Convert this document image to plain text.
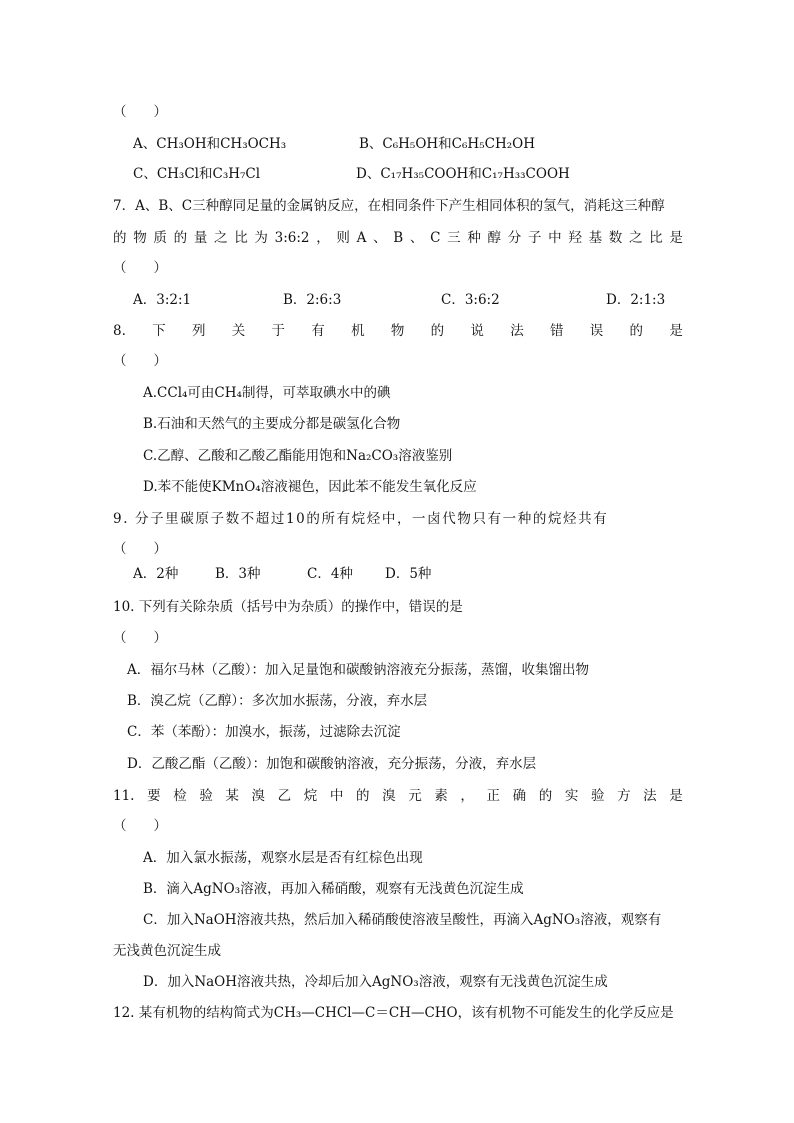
（　　）
A、CH₃OH和CH₃OCH₃	B、C₆H₅OH和C₆H₅CH₂OH
C、CH₃Cl和C₃H₇Cl	D、C₁₇H₃₅COOH和C₁₇H₃₃COOH
7．A、B、C三种醇同足量的金属钠反应，在相同条件下产生相同体积的氢气，消耗这三种醇
的 物 质 的 量 之 比 为 3:6:2 ， 则 A 、 B 、 C 三 种 醇 分 子 中 羟 基 数 之 比 是
（　　）
A．3:2:1	B．2:6:3	C．3:6:2	D．2:1:3
8. 下 列 关 于 有 机 物 的 说 法 错 误 的 是
（　　）
A.CCl₄可由CH₄制得，可萃取碘水中的碘
B.石油和天然气的主要成分都是碳氢化合物
C.乙醇、乙酸和乙酸乙酯能用饱和Na₂CO₃溶液鉴别
D.苯不能使KMnO₄溶液褪色，因此苯不能发生氧化反应
9. 分子里碳原子数不超过10的所有烷烃中，一卤代物只有一种的烷烃共有
（　　）
A．2种	B．3种	C．4种	D．5种
10. 下列有关除杂质（括号中为杂质）的操作中，错误的是
（　　）
A．福尔马林（乙酸）：加入足量饱和碳酸钠溶液充分振荡，蒸馏，收集馏出物
B．溴乙烷（乙醇）：多次加水振荡，分液，弃水层
C．苯（苯酚）：加溴水，振荡，过滤除去沉淀
D．乙酸乙酯（乙酸）：加饱和碳酸钠溶液，充分振荡，分液，弃水层
11. 要 检 验 某 溴 乙 烷 中 的 溴 元 素 ， 正 确 的 实 验 方 法 是
（　　）
A．加入氯水振荡，观察水层是否有红棕色出现
B．滴入AgNO₃溶液，再加入稀硝酸，观察有无浅黄色沉淀生成
C．加入NaOH溶液共热，然后加入稀硝酸使溶液呈酸性，再滴入AgNO₃溶液，观察有
无浅黄色沉淀生成
D．加入NaOH溶液共热，冷却后加入AgNO₃溶液，观察有无浅黄色沉淀生成
12. 某有机物的结构简式为CH₃—CHCl—C＝CH—CHO，该有机物不可能发生的化学反应是
